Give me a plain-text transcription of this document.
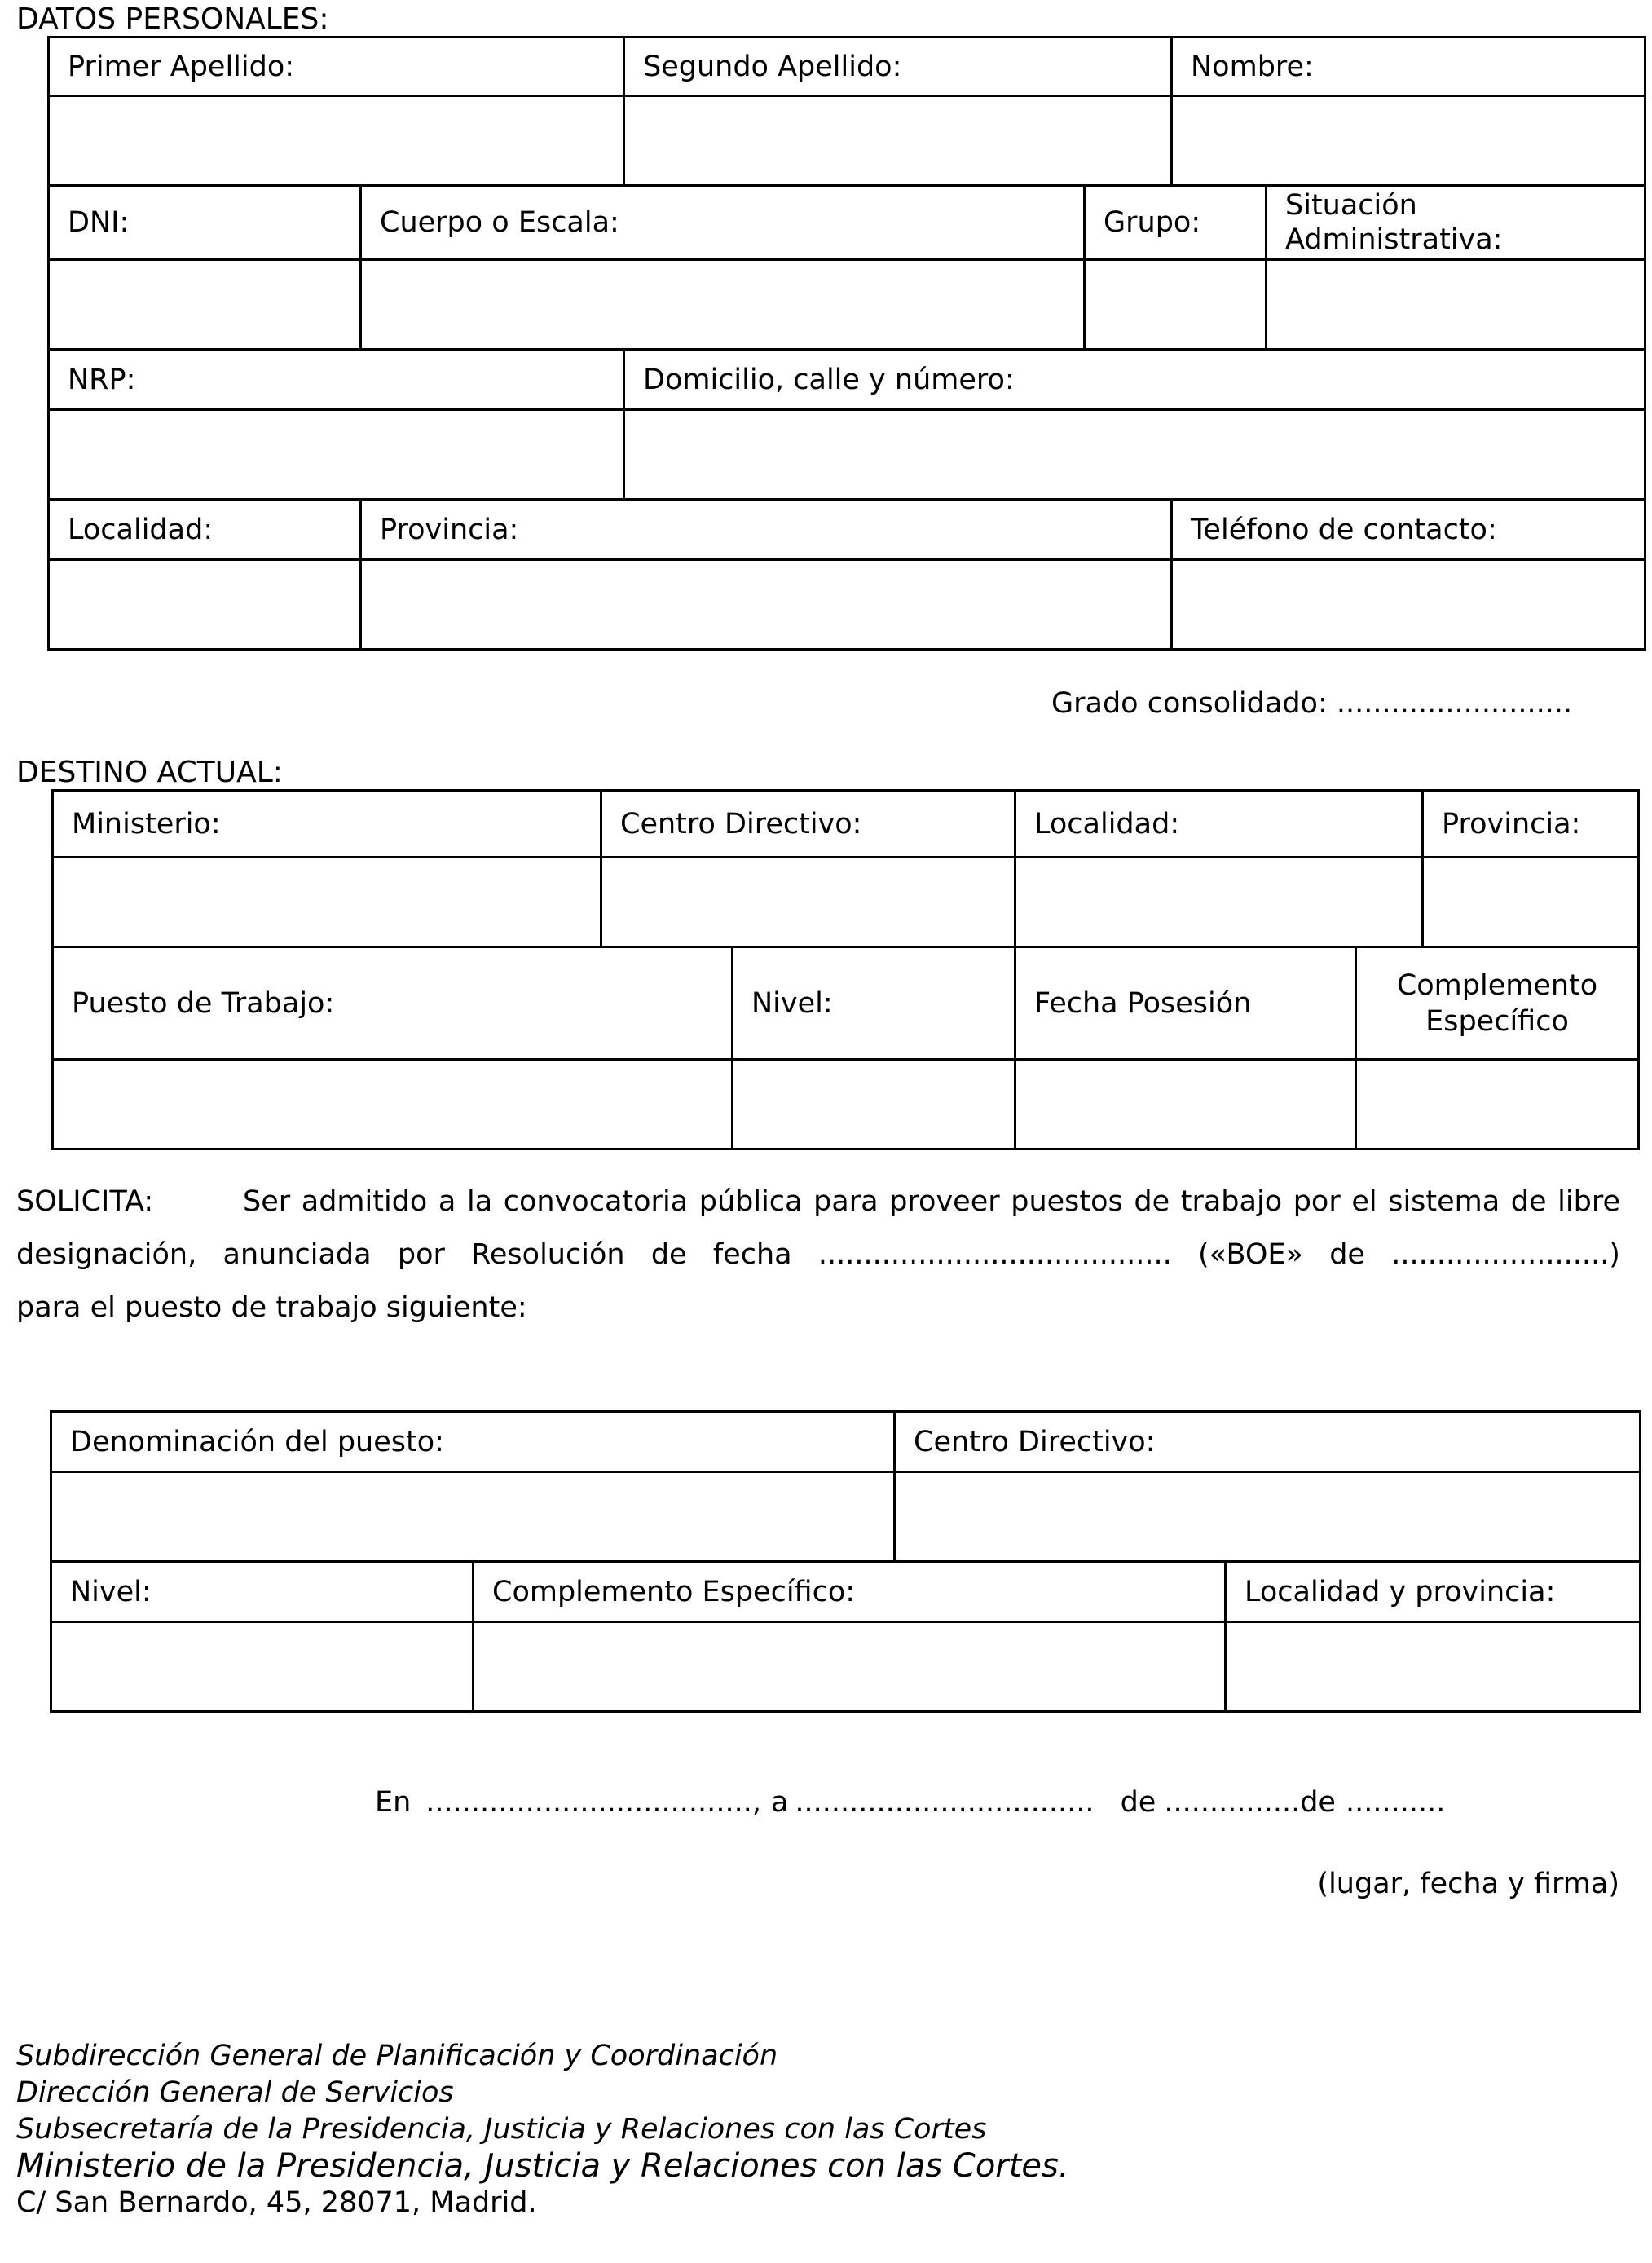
DATOS PERSONALES:
Primer Apellido:	Segundo Apellido:	Nombre:

DNI:	Cuerpo o Escala:	Grupo:	Situación
Administrativa:

NRP:	Domicilio, calle y número:

Localidad:	Provincia:	Teléfono de contacto:

Grado consolidado: ..........................
DESTINO ACTUAL:
Ministerio:	Centro Directivo:	Localidad:	Provincia:

Puesto de Trabajo:	Nivel:	Fecha Posesión	Complemento
Específico

SOLICITA:	Ser admitido a la convocatoria pública para proveer puestos de trabajo por el sistema de libre
designación, anunciada por Resolución de fecha ....................................... («BOE» de ........................)
para el puesto de trabajo siguiente:
Denominación del puesto:	Centro Directivo:

Nivel:	Complemento Específico:	Localidad y provincia:

En ...................................., a ................................. de ............... de ...........
(lugar, fecha y firma)
Subdirección General de Planificación y Coordinación
Dirección General de Servicios
Subsecretaría de la Presidencia, Justicia y Relaciones con las Cortes
Ministerio de la Presidencia, Justicia y Relaciones con las Cortes.
C/ San Bernardo, 45, 28071, Madrid.
